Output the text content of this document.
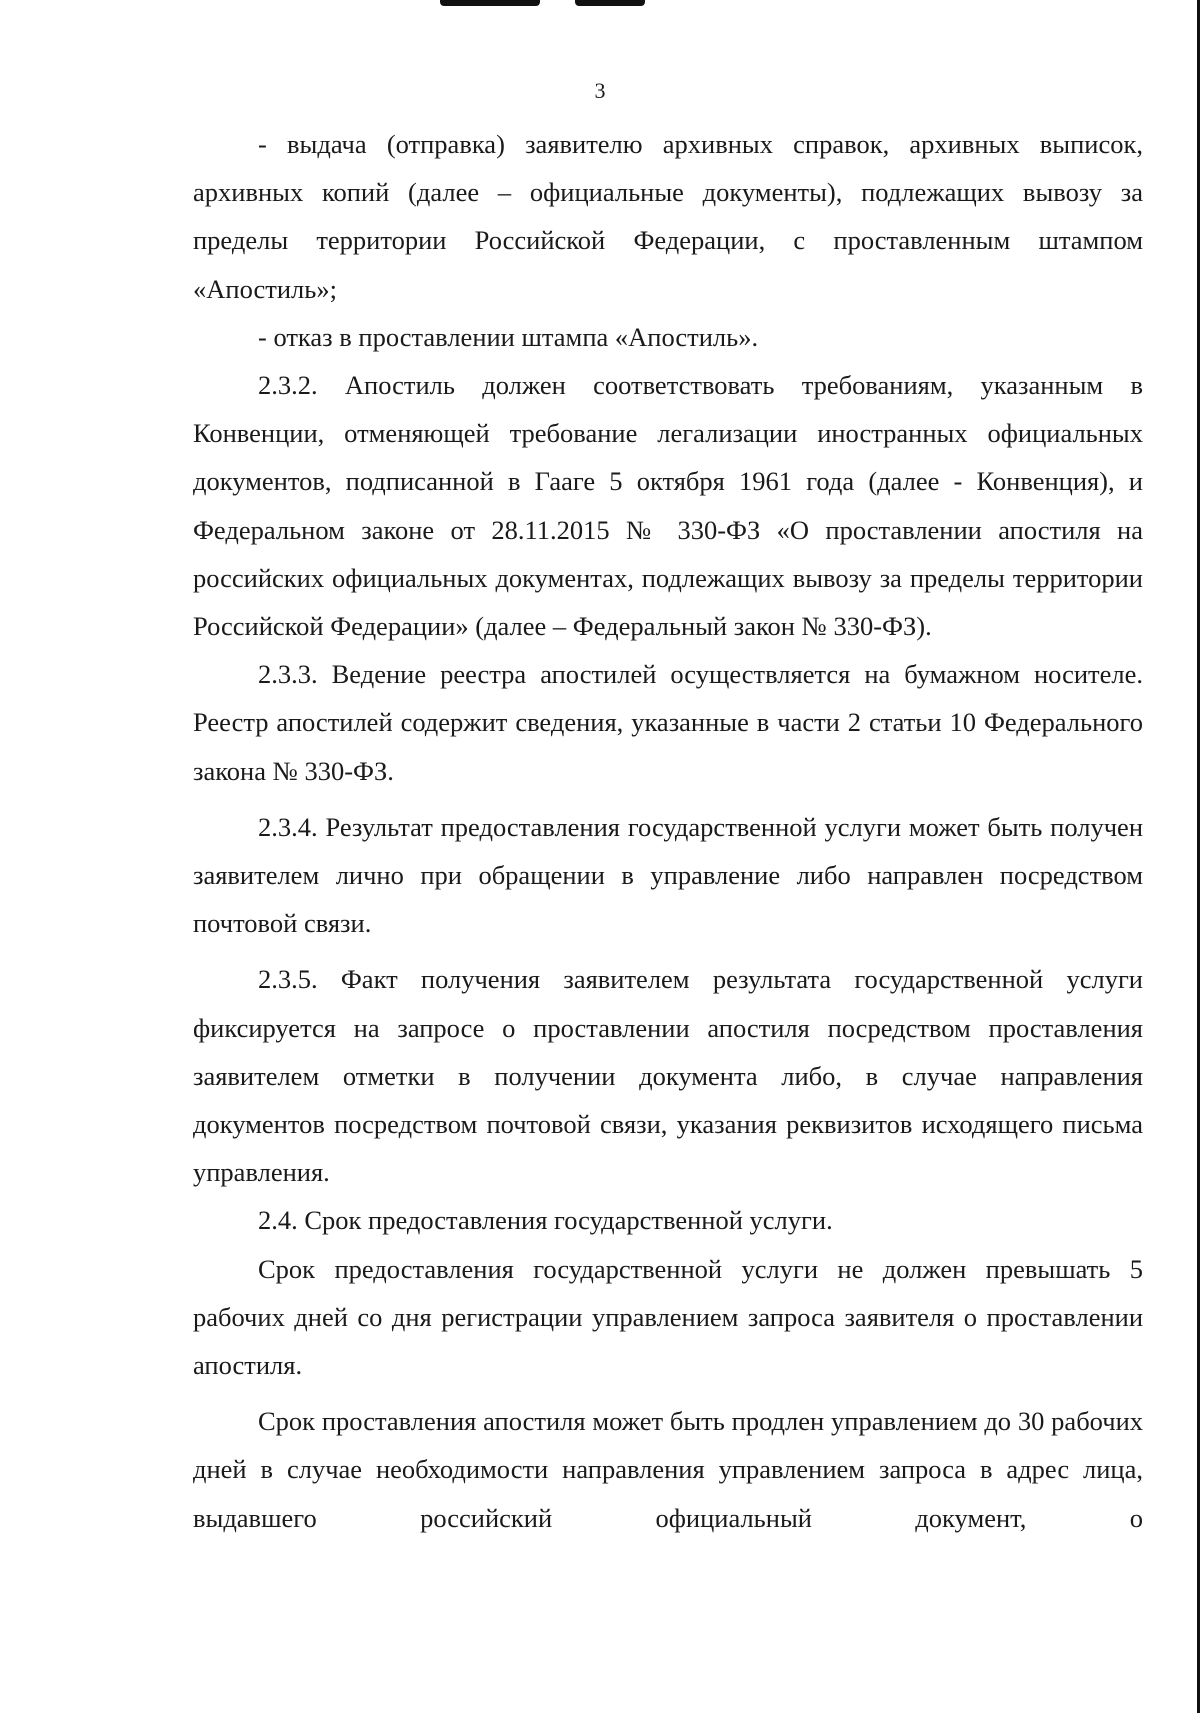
3

- выдача (отправка) заявителю архивных справок, архивных выписок, архивных копий (далее – официальные документы), подлежащих вывозу за пределы территории Российской Федерации, с проставленным штампом «Апостиль»;

- отказ в проставлении штампа «Апостиль».

2.3.2. Апостиль должен соответствовать требованиям, указанным в Конвенции, отменяющей требование легализации иностранных официальных документов, подписанной в Гааге 5 октября 1961 года (далее - Конвенция), и Федеральном законе от 28.11.2015 № 330-ФЗ «О проставлении апостиля на российских официальных документах, подлежащих вывозу за пределы территории Российской Федерации» (далее – Федеральный закон № 330-ФЗ).

2.3.3. Ведение реестра апостилей осуществляется на бумажном носителе. Реестр апостилей содержит сведения, указанные в части 2 статьи 10 Федерального закона № 330-ФЗ.

2.3.4. Результат предоставления государственной услуги может быть получен заявителем лично при обращении в управление либо направлен посредством почтовой связи.

2.3.5. Факт получения заявителем результата государственной услуги фиксируется на запросе о проставлении апостиля посредством проставления заявителем отметки в получении документа либо, в случае направления документов посредством почтовой связи, указания реквизитов исходящего письма управления.

2.4. Срок предоставления государственной услуги.

Срок предоставления государственной услуги не должен превышать 5 рабочих дней со дня регистрации управлением запроса заявителя о проставлении апостиля.

Срок проставления апостиля может быть продлен управлением до 30 рабочих дней в случае необходимости направления управлением запроса в адрес лица, выдавшего российский официальный документ, о
